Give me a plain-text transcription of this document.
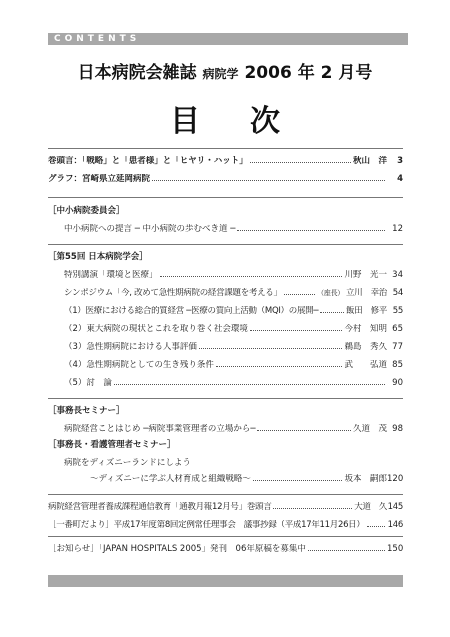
CONTENTS
日本病院会雑誌 病院学 2006 年 2 月号
目次
巻頭言：「戦略」と「患者様」と「ヒヤリ・ハット」	秋山　洋	3
グラフ：宮崎県立延岡病院	4
［中小病院委員会］
中小病院への提言 ─ 中小病院の歩むべき道 ─	12
［第55回 日本病院学会］
特別講演「環境と医療」	川野　光一 34
シンポジウム「今, 改めて急性期病院の経営課題を考える」	（座長） 立川　幸治 54
（1）医療における総合的質経営 ─医療の質向上活動（MQI）の展開─	飯田　修平 55
（2）東大病院の現状とこれを取り巻く社会環境	今村　知明 65
（3）急性期病院における人事評価	鵜島　秀久 77
（4）急性期病院としての生き残り条件	武　　弘道 85
（5）討　論	90
［事務長セミナー］
病院経営ことはじめ ─病院事業管理者の立場から─	久道　茂 98
［事務長・看護管理者セミナー］
病院をディズニーランドにしよう
〜ディズニーに学ぶ人材育成と組織戦略〜	坂本　嗣郎 120
病院経営管理者養成課程通信教育「通教月報12月号」巻頭言	大道　久 145
［一番町だより］平成17年度第8回定例常任理事会　議事抄録（平成17年11月26日）	146
［お知らせ］「JAPAN HOSPITALS 2005」発刊　06年原稿を募集中	150
